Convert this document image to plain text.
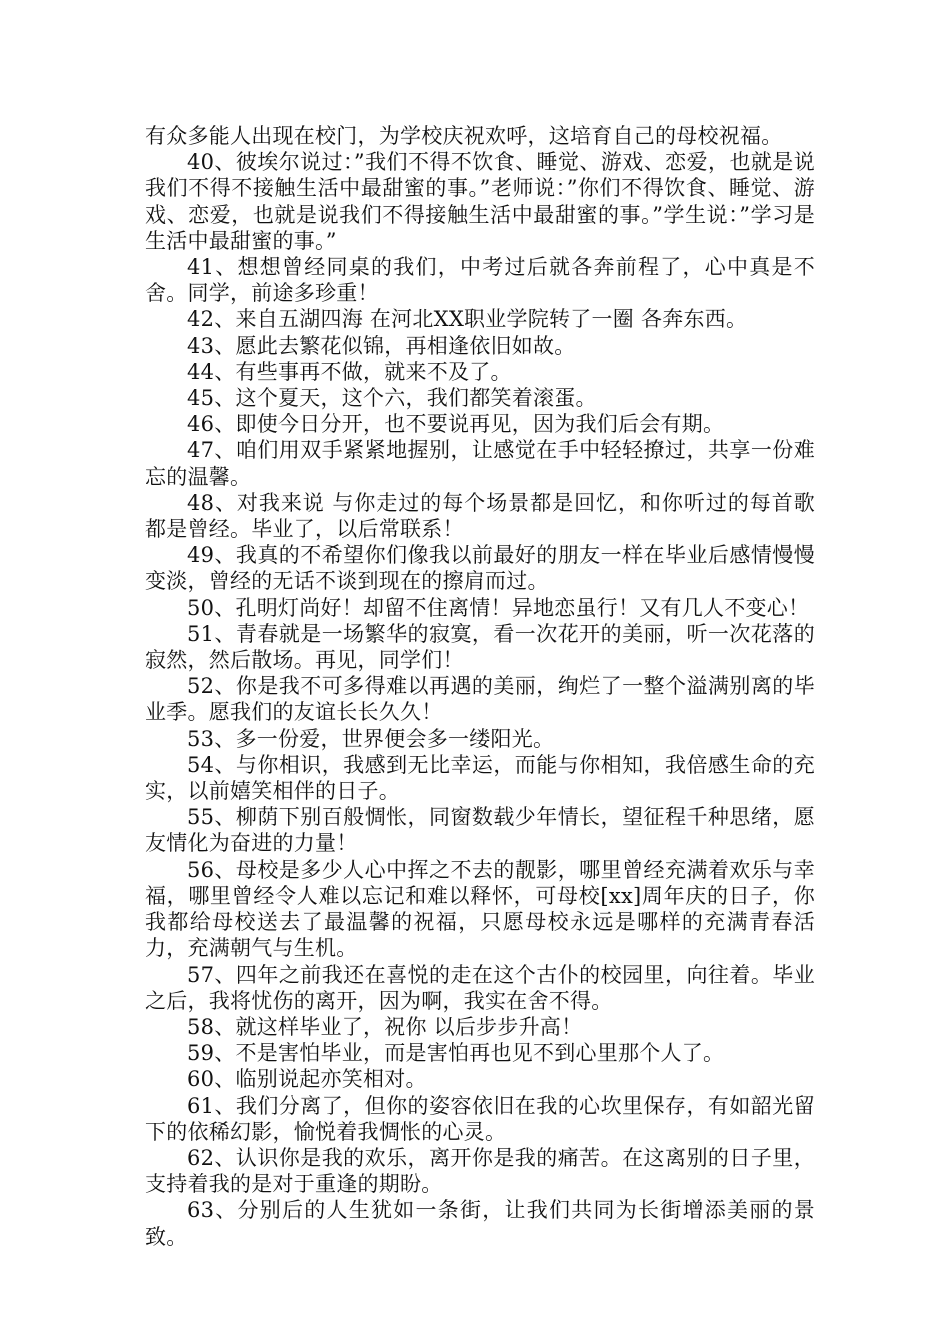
有众多能人出现在校门，为学校庆祝欢呼，这培育自己的母校祝福。

40、彼埃尔说过：”我们不得不饮食、睡觉、游戏、恋爱，也就是说我们不得不接触生活中最甜蜜的事。”老师说：”你们不得饮食、睡觉、游戏、恋爱，也就是说我们不得接触生活中最甜蜜的事。”学生说：”学习是生活中最甜蜜的事。”

41、想想曾经同桌的我们，中考过后就各奔前程了，心中真是不舍。同学，前途多珍重！

42、来自五湖四海 在河北XX职业学院转了一圈 各奔东西。

43、愿此去繁花似锦，再相逢依旧如故。

44、有些事再不做，就来不及了。

45、这个夏天，这个六，我们都笑着滚蛋。

46、即使今日分开，也不要说再见，因为我们后会有期。

47、咱们用双手紧紧地握别，让感觉在手中轻轻撩过，共享一份难忘的温馨。

48、对我来说 与你走过的每个场景都是回忆，和你听过的每首歌都是曾经。毕业了，以后常联系！

49、我真的不希望你们像我以前最好的朋友一样在毕业后感情慢慢变淡，曾经的无话不谈到现在的擦肩而过。

50、孔明灯尚好！却留不住离情！异地恋虽行！又有几人不变心！

51、青春就是一场繁华的寂寞，看一次花开的美丽，听一次花落的寂然，然后散场。再见，同学们！

52、你是我不可多得难以再遇的美丽，绚烂了一整个溢满别离的毕业季。愿我们的友谊长长久久！

53、多一份爱，世界便会多一缕阳光。

54、与你相识，我感到无比幸运，而能与你相知，我倍感生命的充实，以前嬉笑相伴的日子。

55、柳荫下别百般惆怅，同窗数载少年情长，望征程千种思绪，愿友情化为奋进的力量！

56、母校是多少人心中挥之不去的靓影，哪里曾经充满着欢乐与幸福，哪里曾经令人难以忘记和难以释怀，可母校[xx]周年庆的日子，你我都给母校送去了最温馨的祝福，只愿母校永远是哪样的充满青春活力，充满朝气与生机。

57、四年之前我还在喜悦的走在这个古仆的校园里，向往着。毕业之后，我将忧伤的离开，因为啊，我实在舍不得。

58、就这样毕业了，祝你 以后步步升高！

59、不是害怕毕业，而是害怕再也见不到心里那个人了。

60、临别说起亦笑相对。

61、我们分离了，但你的姿容依旧在我的心坎里保存，有如韶光留下的依稀幻影，愉悦着我惆怅的心灵。

62、认识你是我的欢乐，离开你是我的痛苦。在这离别的日子里，支持着我的是对于重逢的期盼。

63、分别后的人生犹如一条街，让我们共同为长街增添美丽的景致。
